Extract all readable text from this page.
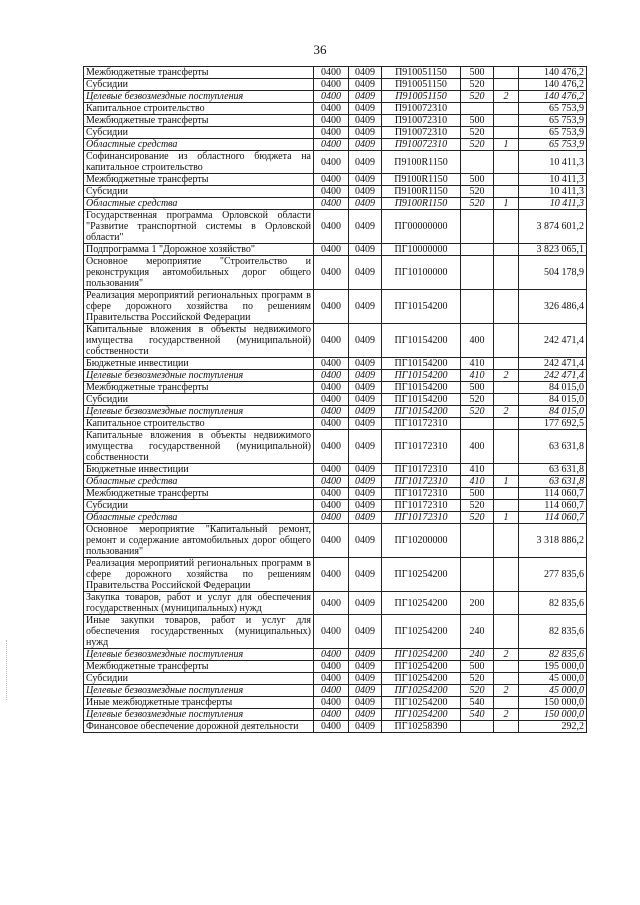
36
Межбюджетные трансферты	0400	0409	П910051150	500		140 476,2
Субсидии	0400	0409	П910051150	520		140 476,2
Целевые безвозмездные поступления	0400	0409	П910051150	520	2	140 476,2
Капитальное строительство	0400	0409	П910072310			65 753,9
Межбюджетные трансферты	0400	0409	П910072310	500		65 753,9
Субсидии	0400	0409	П910072310	520		65 753,9
Областные средства	0400	0409	П910072310	520	1	65 753,9
Софинансирование из областного бюджета на капитальное строительство	0400	0409	П9100R1150			10 411,3
Межбюджетные трансферты	0400	0409	П9100R1150	500		10 411,3
Субсидии	0400	0409	П9100R1150	520		10 411,3
Областные средства	0400	0409	П9100R1150	520	1	10 411,3
Государственная программа Орловской области "Развитие транспортной системы в Орловской области"	0400	0409	ПГ00000000			3 874 601,2
Подпрограмма 1 "Дорожное хозяйство"	0400	0409	ПГ10000000			3 823 065,1
Основное мероприятие "Строительство и реконструкция автомобильных дорог общего пользования"	0400	0409	ПГ10100000			504 178,9
Реализация мероприятий региональных программ в сфере дорожного хозяйства по решениям Правительства Российской Федерации	0400	0409	ПГ10154200			326 486,4
Капитальные вложения в объекты недвижимого имущества государственной (муниципальной) собственности	0400	0409	ПГ10154200	400		242 471,4
Бюджетные инвестиции	0400	0409	ПГ10154200	410		242 471,4
Целевые безвозмездные поступления	0400	0409	ПГ10154200	410	2	242 471,4
Межбюджетные трансферты	0400	0409	ПГ10154200	500		84 015,0
Субсидии	0400	0409	ПГ10154200	520		84 015,0
Целевые безвозмездные поступления	0400	0409	ПГ10154200	520	2	84 015,0
Капитальное строительство	0400	0409	ПГ10172310			177 692,5
Капитальные вложения в объекты недвижимого имущества государственной (муниципальной) собственности	0400	0409	ПГ10172310	400		63 631,8
Бюджетные инвестиции	0400	0409	ПГ10172310	410		63 631,8
Областные средства	0400	0409	ПГ10172310	410	1	63 631,8
Межбюджетные трансферты	0400	0409	ПГ10172310	500		114 060,7
Субсидии	0400	0409	ПГ10172310	520		114 060,7
Областные средства	0400	0409	ПГ10172310	520	1	114 060,7
Основное мероприятие "Капитальный ремонт, ремонт и содержание автомобильных дорог общего пользования"	0400	0409	ПГ10200000			3 318 886,2
Реализация мероприятий региональных программ в сфере дорожного хозяйства по решениям Правительства Российской Федерации	0400	0409	ПГ10254200			277 835,6
Закупка товаров, работ и услуг для обеспечения государственных (муниципальных) нужд	0400	0409	ПГ10254200	200		82 835,6
Иные закупки товаров, работ и услуг для обеспечения государственных (муниципальных) нужд	0400	0409	ПГ10254200	240		82 835,6
Целевые безвозмездные поступления	0400	0409	ПГ10254200	240	2	82 835,6
Межбюджетные трансферты	0400	0409	ПГ10254200	500		195 000,0
Субсидии	0400	0409	ПГ10254200	520		45 000,0
Целевые безвозмездные поступления	0400	0409	ПГ10254200	520	2	45 000,0
Иные межбюджетные трансферты	0400	0409	ПГ10254200	540		150 000,0
Целевые безвозмездные поступления	0400	0409	ПГ10254200	540	2	150 000,0
Финансовое обеспечение дорожной деятельности	0400	0409	ПГ10258390			292,2
